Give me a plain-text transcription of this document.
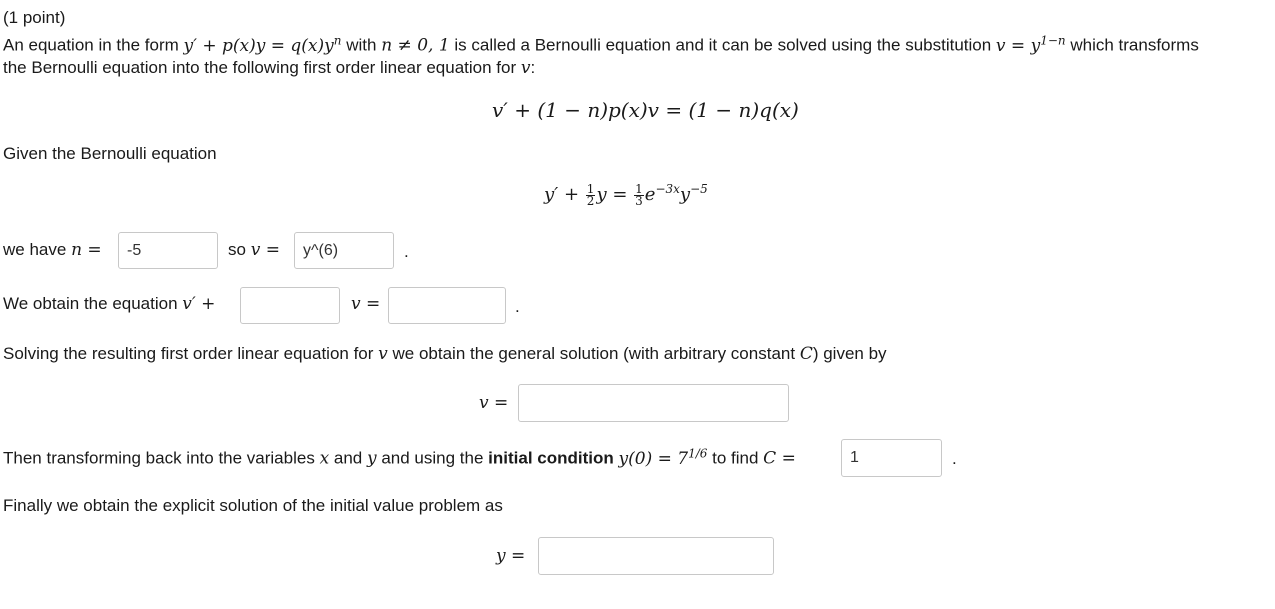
(1 point)
An equation in the form $y' + p(x)y = q(x)y^n$ with n ≠ 0, 1 is called a Bernoulli equation and it can be solved using the substitution $v = y^{1-n}$ which transforms
the Bernoulli equation into the following first order linear equation for v:
v′ + (1 − n)p(x)v = (1 − n)q(x)
Given the Bernoulli equation
$y' + \frac{1}{2}$ $y = \frac{1}{3} e^{-3x}y^{-5}$
we have n =
-5	so v =
y^(6)	.
We obtain the equation v′ +	v =	.
Solving the resulting first order linear equation for v we obtain the general solution (with arbitrary constant C) given by
v =
Then transforming back into the variables x and y and using the initial condition $y(0) = 7^{1/6}$ to find C =
1	.
Finally we obtain the explicit solution of the initial value problem as
y =
